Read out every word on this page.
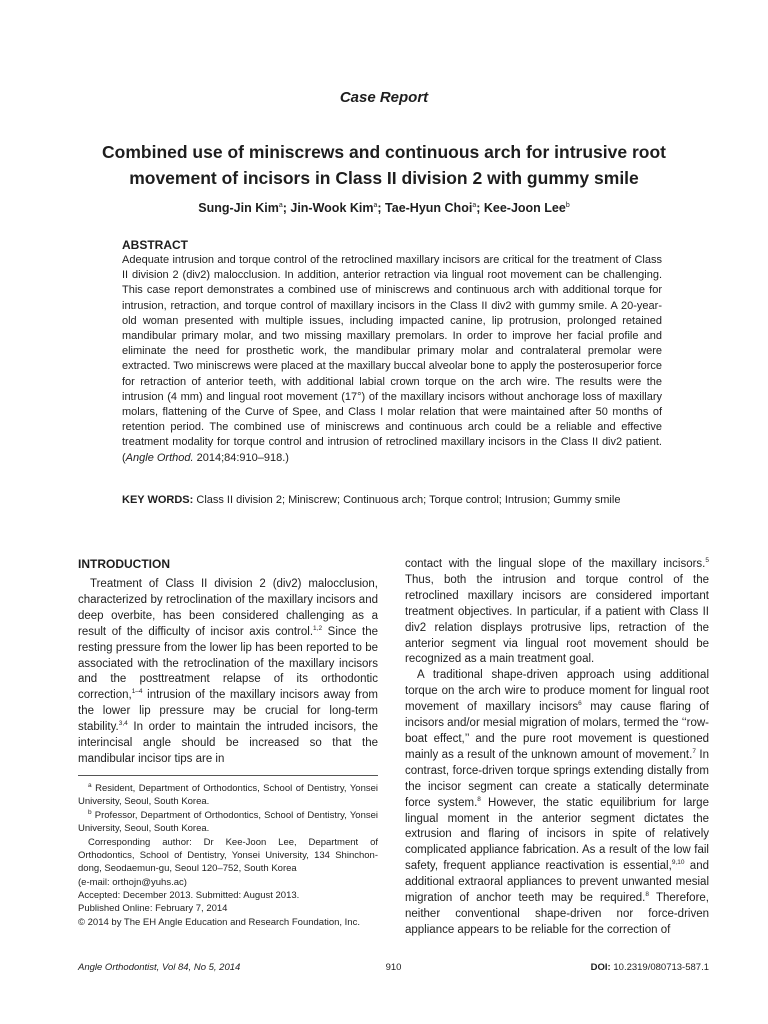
Case Report
Combined use of miniscrews and continuous arch for intrusive root
movement of incisors in Class II division 2 with gummy smile
Sung-Jin Kim$^a$; Jin-Wook Kim$^a$; Tae-Hyun Choi$^a$; Kee-Joon Lee$^b$
ABSTRACT

Adequate intrusion and torque control of the retroclined maxillary incisors are critical for the treatment of Class II division 2 (div2) malocclusion. In addition, anterior retraction via lingual root movement can be challenging. This case report demonstrates a combined use of miniscrews and continuous arch with additional torque for intrusion, retraction, and torque control of maxillary incisors in the Class II div2 with gummy smile. A 20-year-old woman presented with multiple issues, including impacted canine, lip protrusion, prolonged retained mandibular primary molar, and two missing maxillary premolars. In order to improve her facial profile and eliminate the need for prosthetic work, the mandibular primary molar and contralateral premolar were extracted. Two miniscrews were placed at the maxillary buccal alveolar bone to apply the posterosuperior force for retraction of anterior teeth, with additional labial crown torque on the arch wire. The results were the intrusion (4 mm) and lingual root movement (17°) of the maxillary incisors without anchorage loss of maxillary molars, flattening of the Curve of Spee, and Class I molar relation that were maintained after 50 months of retention period. The combined use of miniscrews and continuous arch could be a reliable and effective treatment modality for torque control and intrusion of retroclined maxillary incisors in the Class II div2 patient. (Angle Orthod. 2014;84:910–918.)

KEY WORDS: Class II division 2; Miniscrew; Continuous arch; Torque control; Intrusion; Gummy smile

INTRODUCTION

Treatment of Class II division 2 (div2) malocclusion, characterized by retroclination of the maxillary incisors and deep overbite, has been considered challenging as a result of the difficulty of incisor axis control.$^{1,2}$ Since the resting pressure from the lower lip has been reported to be associated with the retroclination of the maxillary incisors and the posttreatment relapse of its orthodontic correction,$^{1-4}$ intrusion of the maxillary incisors away from the lower lip pressure may be crucial for long-term stability.$^{3,4}$ In order to maintain the intruded incisors, the interincisal angle should be increased so that the mandibular incisor tips are in

$^a$ Resident, Department of Orthodontics, School of Dentistry, Yonsei University, Seoul, South Korea.

$^b$ Professor, Department of Orthodontics, School of Dentistry, Yonsei University, Seoul, South Korea.

Corresponding author: Dr Kee-Joon Lee, Department of Orthodontics, School of Dentistry, Yonsei University, 134 Shinchon-dong, Seodaemun-gu, Seoul 120–752, South Korea

(e-mail: orthojn@yuhs.ac)

Accepted: December 2013. Submitted: August 2013.

Published Online: February 7, 2014

© 2014 by The EH Angle Education and Research Foundation, Inc.

contact with the lingual slope of the maxillary incisors.$^5$ Thus, both the intrusion and torque control of the retroclined maxillary incisors are considered important treatment objectives. In particular, if a patient with Class II div2 relation displays protrusive lips, retraction of the anterior segment via lingual root movement should be recognized as a main treatment goal.

A traditional shape-driven approach using additional torque on the arch wire to produce moment for lingual root movement of maxillary incisors$^6$ may cause flaring of incisors and/or mesial migration of molars, termed the ‘‘row-boat effect,’’ and the pure root movement is questioned mainly as a result of the unknown amount of movement.$^7$ In contrast, force-driven torque springs extending distally from the incisor segment can create a statically determinate force system.$^8$ However, the static equilibrium for large lingual moment in the anterior segment dictates the extrusion and flaring of incisors in spite of relatively complicated appliance fabrication. As a result of the low fail safety, frequent appliance reactivation is essential,$^{9,10}$ and additional extraoral appliances to prevent unwanted mesial migration of anchor teeth may be required.$^8$ Therefore, neither conventional shape-driven nor force-driven appliance appears to be reliable for the correction of

Angle Orthodontist, Vol 84, No 5, 2014	910	DOI: 10.2319/080713-587.1
